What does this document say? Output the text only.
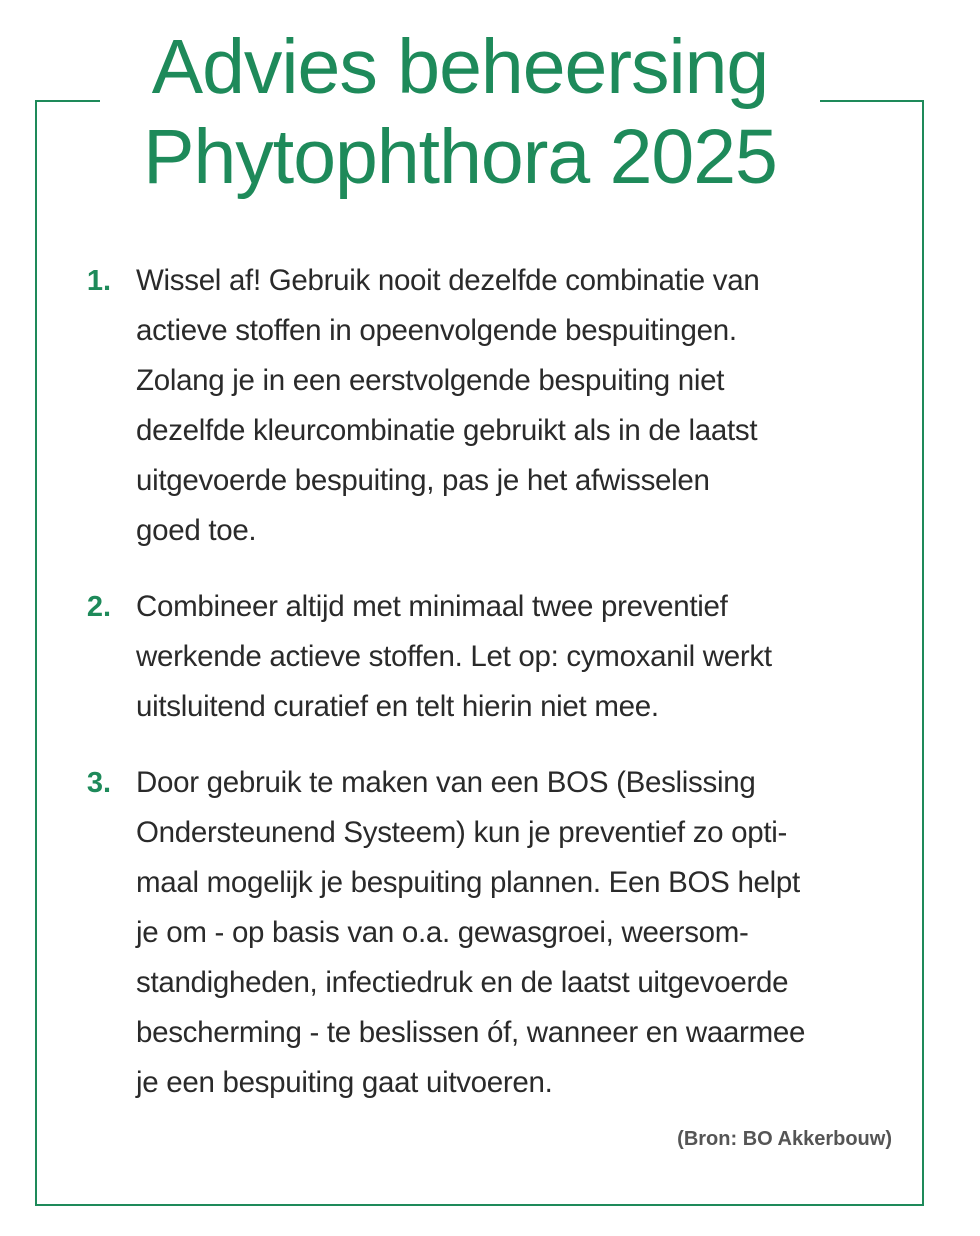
Advies beheersing
Phytophthora 2025
1. Wissel af! Gebruik nooit dezelfde combinatie van
actieve stoffen in opeenvolgende bespuitingen.
Zolang je in een eerstvolgende bespuiting niet
dezelfde kleurcombinatie gebruikt als in de laatst
uitgevoerde bespuiting, pas je het afwisselen
goed toe.
2. Combineer altijd met minimaal twee preventief
werkende actieve stoffen. Let op: cymoxanil werkt
uitsluitend curatief en telt hierin niet mee.
3. Door gebruik te maken van een BOS (Beslissing
Ondersteunend Systeem) kun je preventief zo opti-
maal mogelijk je bespuiting plannen. Een BOS helpt
je om - op basis van o.a. gewasgroei, weersom-
standigheden, infectiedruk en de laatst uitgevoerde
bescherming - te beslissen óf, wanneer en waarmee
je een bespuiting gaat uitvoeren.
(Bron: BO Akkerbouw)
